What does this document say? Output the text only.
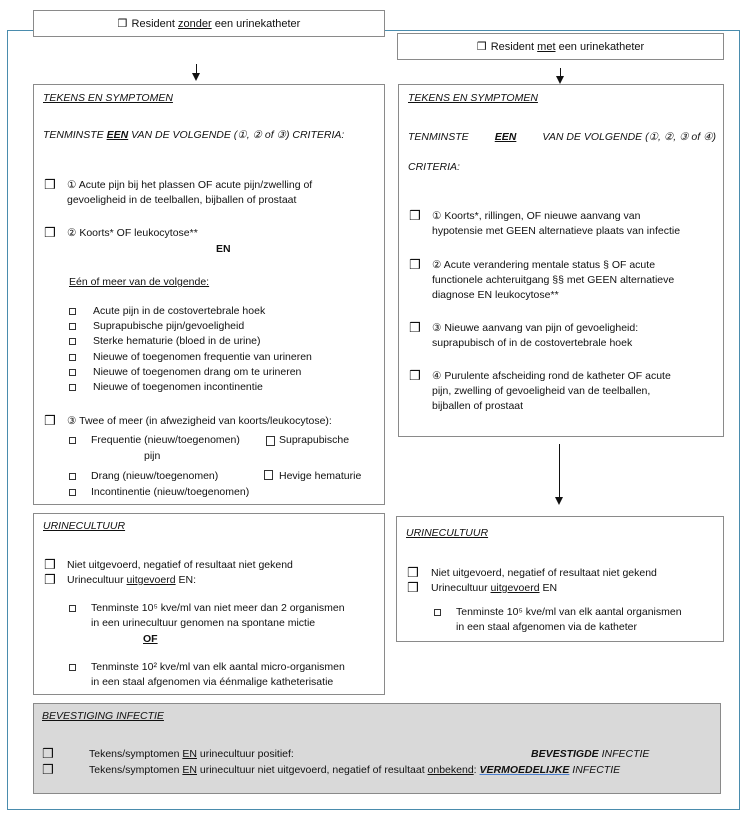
❒ Resident zonder een urinekatheter
❒ Resident met een urinekatheter
TEKENS EN SYMPTOMEN
TENMINSTE EEN VAN DE VOLGENDE (①, ② of ③) CRITERIA:
❒ ① Acute pijn bij het plassen OF acute pijn/zwelling of
gevoeligheid in de teelballen, bijballen of prostaat
❒ ② Koorts* OF leukocytose**
EN
Eén of meer van de volgende:
Acute pijn in de costovertebrale hoek
Suprapubische pijn/gevoeligheid
Sterke hematurie (bloed in de urine)
Nieuwe of toegenomen frequentie van urineren
Nieuwe of toegenomen drang om te urineren
Nieuwe of toegenomen incontinentie
❒ ③ Twee of meer (in afwezigheid van koorts/leukocytose):
Frequentie (nieuw/toegenomen)	Suprapubische
pijn
Drang (nieuw/toegenomen)	Hevige hematurie
Incontinentie (nieuw/toegenomen)
TEKENS EN SYMPTOMEN
TENMINSTE EEN VAN DE VOLGENDE (①, ②, ③ of ④)
CRITERIA:
❒ ① Koorts*, rillingen, OF nieuwe aanvang van
hypotensie met GEEN alternatieve plaats van infectie
❒ ② Acute verandering mentale status § OF acute
functionele achteruitgang §§ met GEEN alternatieve
diagnose EN leukocytose**
❒ ③ Nieuwe aanvang van pijn of gevoeligheid:
suprapubisch of in de costovertebrale hoek
❒ ④ Purulente afscheiding rond de katheter OF acute
pijn, zwelling of gevoeligheid van de teelballen,
bijballen of prostaat
URINECULTUUR
❒ Niet uitgevoerd, negatief of resultaat niet gekend
❒ Urinecultuur uitgevoerd EN:
Tenminste 10⁵ kve/ml van niet meer dan 2 organismen
in een urinecultuur genomen na spontane mictie
OF
Tenminste 10² kve/ml van elk aantal micro-organismen
in een staal afgenomen via éénmalige katheterisatie
URINECULTUUR
❒ Niet uitgevoerd, negatief of resultaat niet gekend
❒ Urinecultuur uitgevoerd EN
Tenminste 10⁵ kve/ml van elk aantal organismen
in een staal afgenomen via de katheter
BEVESTIGING INFECTIE
❒	Tekens/symptomen EN urinecultuur positief:	BEVESTIGDE INFECTIE
❒	Tekens/symptomen EN urinecultuur niet uitgevoerd, negatief of resultaat onbekend: VERMOEDELIJKE INFECTIE
